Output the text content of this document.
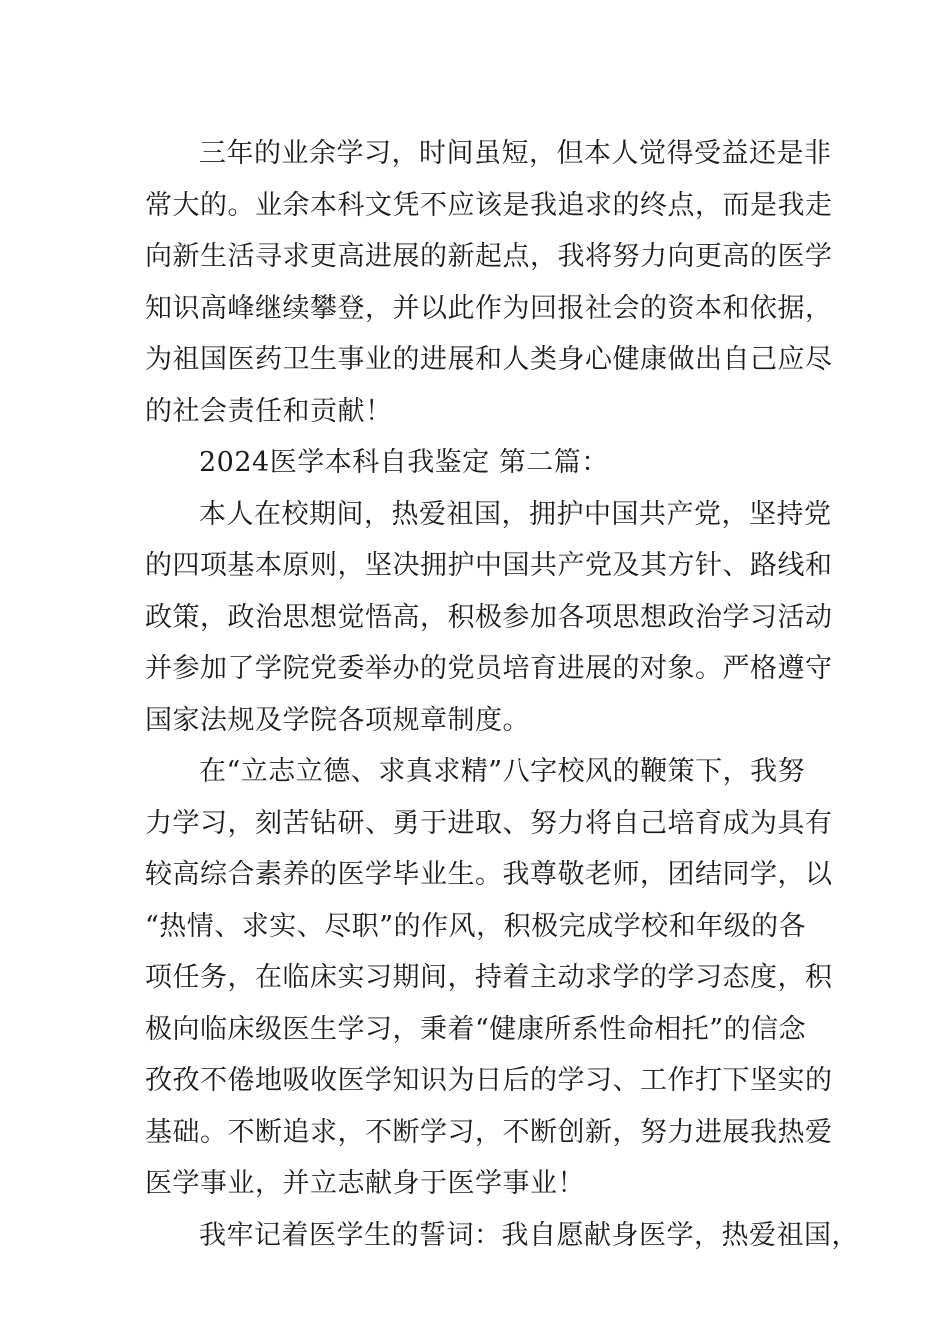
三年的业余学习，时间虽短，但本人觉得受益还是非
常大的。业余本科文凭不应该是我追求的终点，而是我走
向新生活寻求更高进展的新起点，我将努力向更高的医学
知识高峰继续攀登，并以此作为回报社会的资本和依据，
为祖国医药卫生事业的进展和人类身心健康做出自己应尽
的社会责任和贡献！
2024医学本科自我鉴定 第二篇：
本人在校期间，热爱祖国，拥护中国共产党，坚持党
的四项基本原则，坚决拥护中国共产党及其方针、路线和
政策，政治思想觉悟高，积极参加各项思想政治学习活动
并参加了学院党委举办的党员培育进展的对象。严格遵守
国家法规及学院各项规章制度。
在“立志立德、求真求精”八字校风的鞭策下，我努
力学习，刻苦钻研、勇于进取、努力将自己培育成为具有
较高综合素养的医学毕业生。我尊敬老师，团结同学，以
“热情、求实、尽职”的作风，积极完成学校和年级的各
项任务，在临床实习期间，持着主动求学的学习态度，积
极向临床级医生学习，秉着“健康所系性命相托”的信念
孜孜不倦地吸收医学知识为日后的学习、工作打下坚实的
基础。不断追求，不断学习，不断创新，努力进展我热爱
医学事业，并立志献身于医学事业！
我牢记着医学生的誓词：我自愿献身医学，热爱祖国，
